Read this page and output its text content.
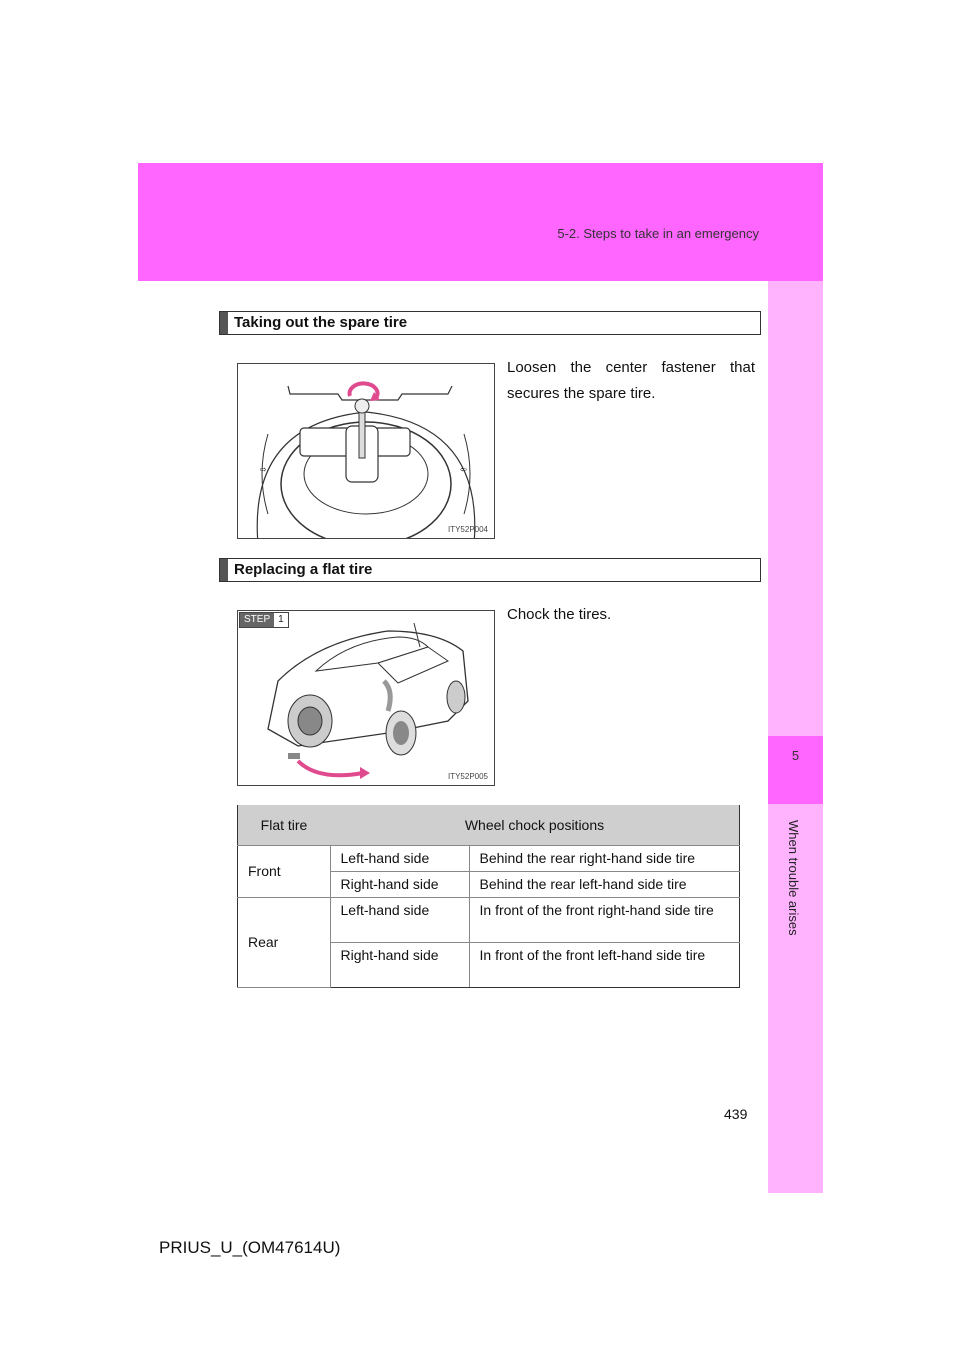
5-2. Steps to take in an emergency
5
When trouble arises
Taking out the spare tire
⇨	⇦
ITY52P004
Loosen the center fastener that secures the spare tire.
Replacing a flat tire
STEP 1
ITY52P005
Chock the tires.
Flat tire	Wheel chock positions	
Front	Left-hand side	Behind the rear right-hand side tire
	Right-hand side	Behind the rear left-hand side tire
Rear	Left-hand side	In front of the front right-hand side tire
	Right-hand side	In front of the front left-hand side tire
439
PRIUS_U_(OM47614U)
